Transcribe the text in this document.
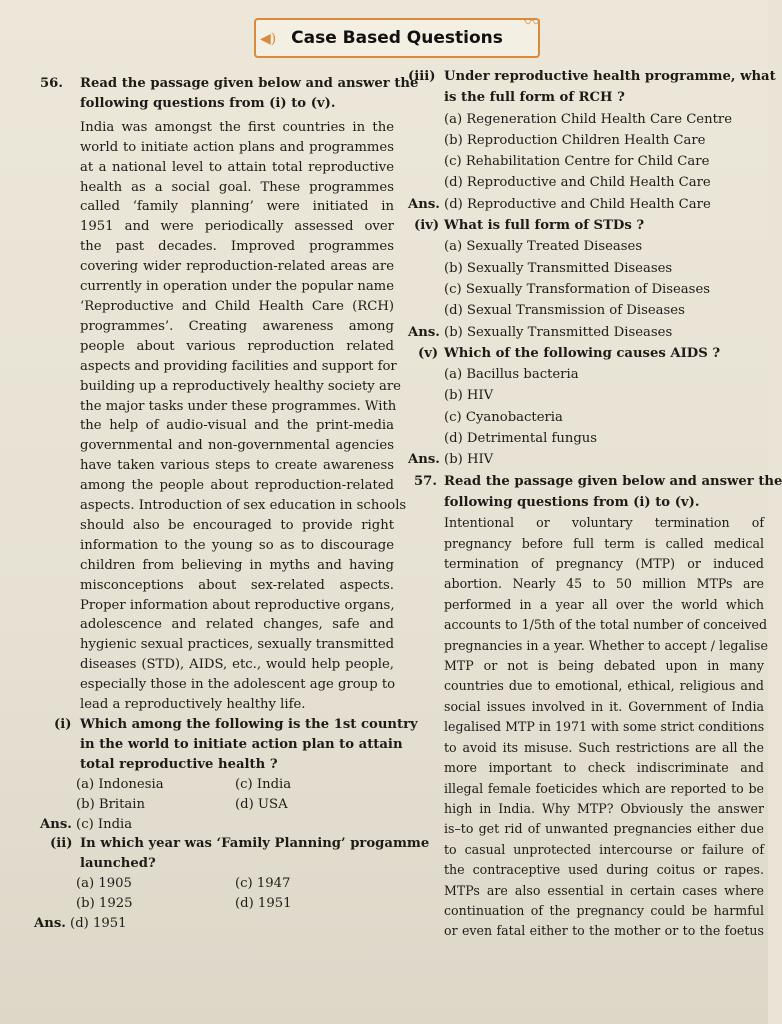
◀) Case Based Questions
〰
56. Read the passage given below and answer the
following questions from (i) to (v).
India was amongst the first countries in the
world to initiate action plans and programmes
at a national level to attain total reproductive
health as a social goal. These programmes
called ‘family planning’ were initiated in
1951 and were periodically assessed over
the past decades. Improved programmes
covering wider reproduction-related areas are
currently in operation under the popular name
‘Reproductive and Child Health Care (RCH)
programmes’. Creating awareness among
people about various reproduction related
aspects and providing facilities and support for
building up a reproductively healthy society are
the major tasks under these programmes. With
the help of audio-visual and the print-media
governmental and non-governmental agencies
have taken various steps to create awareness
among the people about reproduction-related
aspects. Introduction of sex education in schools
should also be encouraged to provide right
information to the young so as to discourage
children from believing in myths and having
misconceptions about sex-related aspects.
Proper information about reproductive organs,
adolescence and related changes, safe and
hygienic sexual practices, sexually transmitted
diseases (STD), AIDS, etc., would help people,
especially those in the adolescent age group to
lead a reproductively healthy life.
(i) Which among the following is the 1st country
in the world to initiate action plan to attain
total reproductive health ?
(a) Indonesia	(c) India
(b) Britain	(d) USA
Ans. (c) India
(ii) In which year was ‘Family Planning’ progamme
launched?
(a) 1905	(c) 1947
(b) 1925	(d) 1951
Ans. (d) 1951
(iii) Under reproductive health programme, what
is the full form of RCH ?
(a) Regeneration Child Health Care Centre
(b) Reproduction Children Health Care
(c) Rehabilitation Centre for Child Care
(d) Reproductive and Child Health Care
Ans. (d) Reproductive and Child Health Care
(iv) What is full form of STDs ?
(a) Sexually Treated Diseases
(b) Sexually Transmitted Diseases
(c) Sexually Transformation of Diseases
(d) Sexual Transmission of Diseases
Ans. (b) Sexually Transmitted Diseases
(v) Which of the following causes AIDS ?
(a) Bacillus bacteria
(b) HIV
(c) Cyanobacteria
(d) Detrimental fungus
Ans. (b) HIV
57. Read the passage given below and answer the
following questions from (i) to (v).
Intentional or voluntary termination of
pregnancy before full term is called medical
termination of pregnancy (MTP) or induced
abortion. Nearly 45 to 50 million MTPs are
performed in a year all over the world which
accounts to 1/5th of the total number of conceived
pregnancies in a year. Whether to accept / legalise
MTP or not is being debated upon in many
countries due to emotional, ethical, religious and
social issues involved in it. Government of India
legalised MTP in 1971 with some strict conditions
to avoid its misuse. Such restrictions are all the
more important to check indiscriminate and
illegal female foeticides which are reported to be
high in India. Why MTP? Obviously the answer
is–to get rid of unwanted pregnancies either due
to casual unprotected intercourse or failure of
the contraceptive used during coitus or rapes.
MTPs are also essential in certain cases where
continuation of the pregnancy could be harmful
or even fatal either to the mother or to the foetus
